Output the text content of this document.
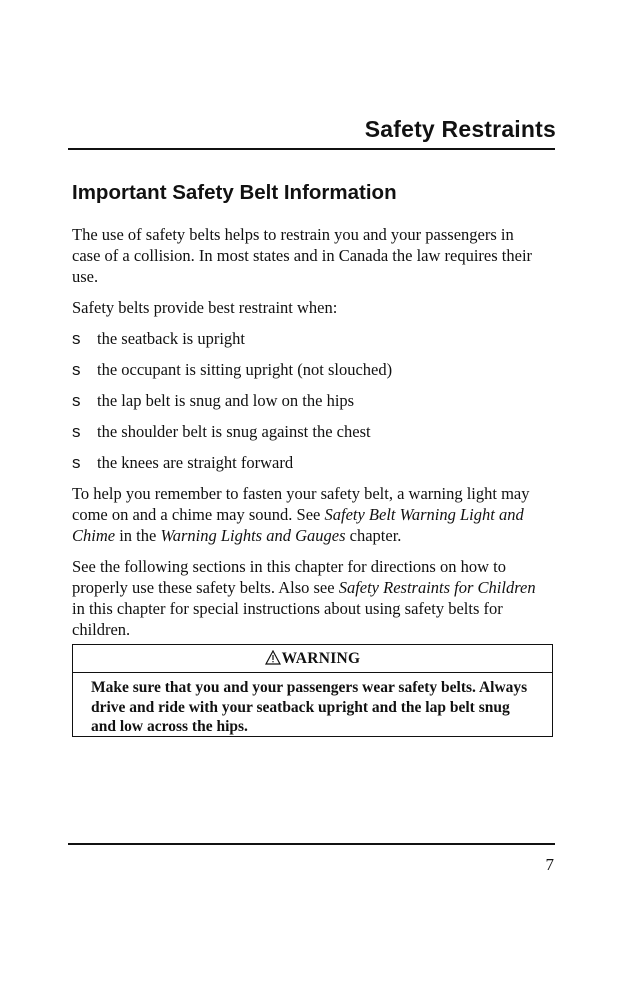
Safety Restraints
Important Safety Belt Information

The use of safety belts helps to restrain you and your passengers in case of a collision. In most states and in Canada the law requires their use.

Safety belts provide best restraint when:

s the seatback is upright
s the occupant is sitting upright (not slouched)
s the lap belt is snug and low on the hips
s the shoulder belt is snug against the chest
s the knees are straight forward

To help you remember to fasten your safety belt, a warning light may come on and a chime may sound. See Safety Belt Warning Light and Chime in the Warning Lights and Gauges chapter.

See the following sections in this chapter for directions on how to properly use these safety belts. Also see Safety Restraints for Children in this chapter for special instructions about using safety belts for children.

WARNING
Make sure that you and your passengers wear safety belts. Always drive and ride with your seatback upright and the lap belt snug and low across the hips.
7
